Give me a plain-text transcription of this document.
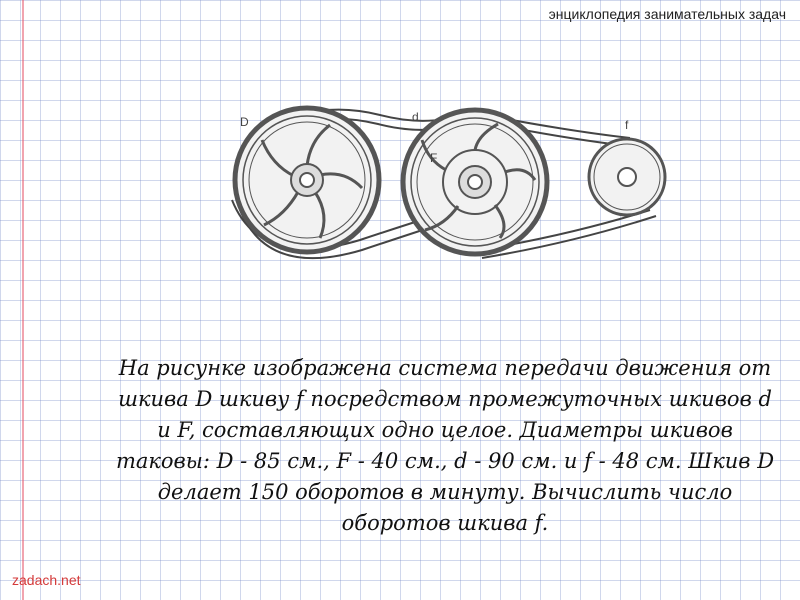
энциклопедия занимательных задач
D	d
F
f

На рисунке изображена система передачи движения от шкива D шкиву f посредством промежуточных шкивов d и F, составляющих одно целое. Диаметры шкивов таковы: D - 85 см., F - 40 см., d - 90 см. и f - 48 см. Шкив D делает 150 оборотов в минуту. Вычислить число оборотов шкива f.

zadach.net
